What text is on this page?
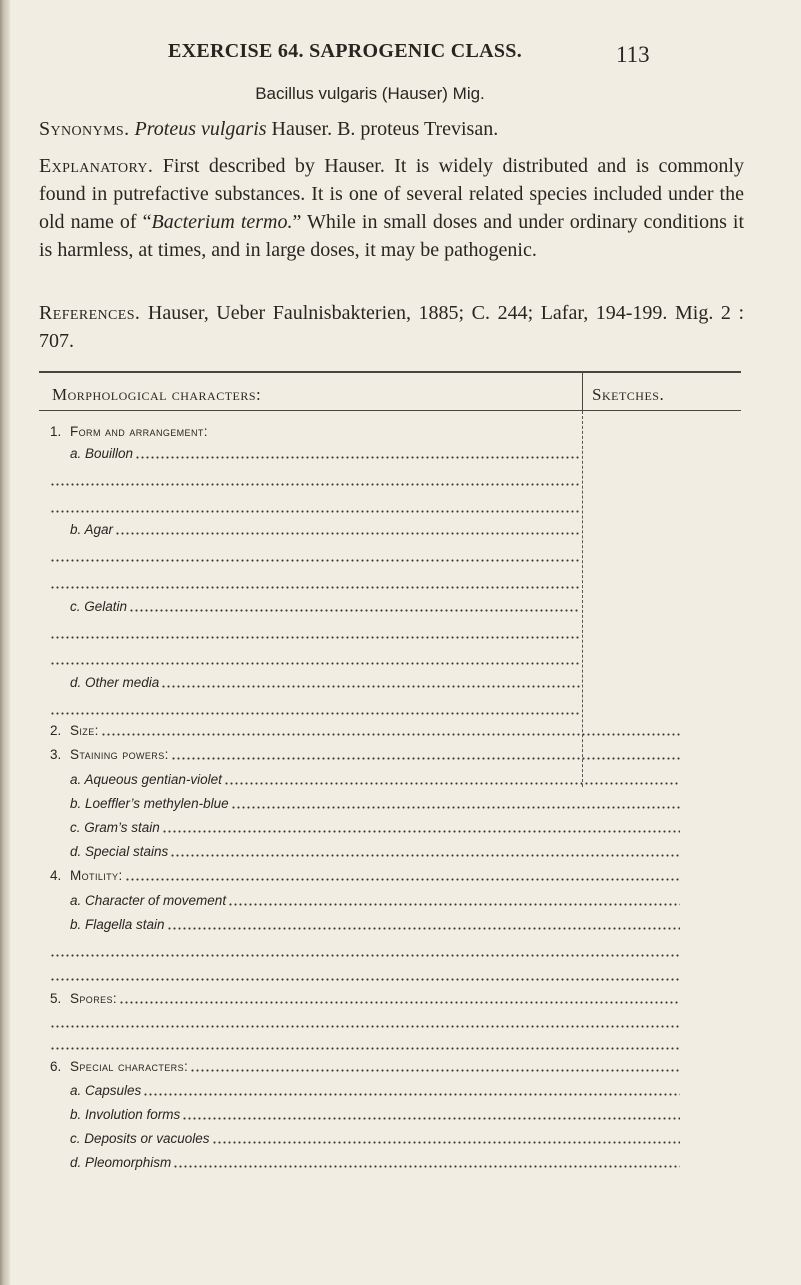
EXERCISE 64. SAPROGENIC CLASS.	113
Bacillus vulgaris (Hauser) Mig.
Synonyms. Proteus vulgaris Hauser. B. proteus Trevisan.
Explanatory. First described by Hauser. It is widely distributed and is commonly found in putrefactive substances. It is one of several related species included under the old name of “Bacterium termo.” While in small doses and under ordinary conditions it is harmless, at times, and in large doses, it may be pathogenic.
References. Hauser, Ueber Faulnisbakterien, 1885; C. 244; Lafar, 194-199. Mig. 2 : 707.
Morphological characters:	Sketches.
1. Form and arrangement:
a. Bouillon
b. Agar
c. Gelatin
d. Other media
2. Size:
3. Staining powers:
a. Aqueous gentian-violet
b. Loeffler’s methylen-blue
c. Gram’s stain
d. Special stains
4. Motility:
a. Character of movement
b. Flagella stain
5. Spores:
6. Special characters:
a. Capsules
b. Involution forms
c. Deposits or vacuoles
d. Pleomorphism
